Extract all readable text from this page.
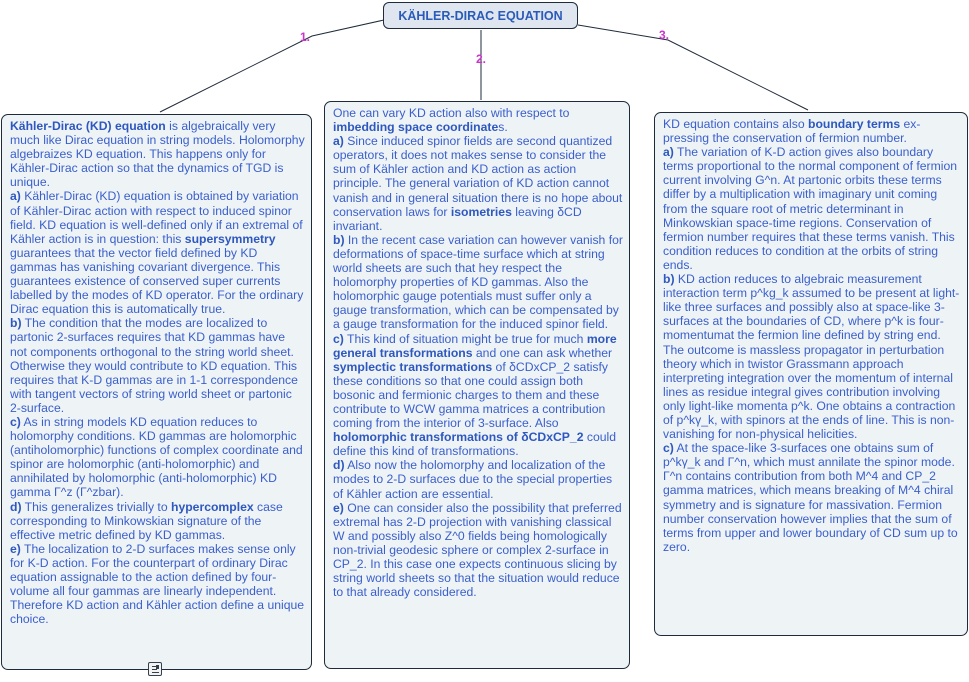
KÄHLER-DIRAC EQUATION
1.
2.
3.

Kähler-Dirac (KD) equation is algebraically very much like Dirac equation in string models. Holomorphy algebraizes KD equation. This happens only for Kähler-Dirac action so that the dynamics of TGD is unique.

a) Kähler-Dirac (KD) equation is obtained by variation of Kähler-Dirac action with respect to induced spinor field. KD equation is well-defined only if an extremal of Kähler action is in question: this supersymmetry guarantees that the vector field defined by KD gammas has vanishing covariant divergence. This guarantees existence of conserved super currents labelled by the modes of KD operator. For the ordinary Dirac equation this is automatically true.

b) The condition that the modes are localized to partonic 2-surfaces requires that KD gammas have not components orthogonal to the string world sheet. Otherwise they would contribute to KD equation. This requires that K-D gammas are in 1-1 correspondence with tangent vectors of string world sheet or partonic 2-surface.

c) As in string models KD equation reduces to holomorphy conditions. KD gammas are holomorphic (antiholomorphic) functions of complex coordinate and spinor are holomorphic (anti-holomorphic) and annihilated by holomorphic (anti-holomorphic) KD gamma Γ^z (Γ^zbar).

d) This generalizes trivially to hypercomplex case corresponding to Minkowskian signature of the effective metric defined by KD gammas.

e) The localization to 2-D surfaces makes sense only for K-D action. For the counterpart of ordinary Dirac equation assignable to the action defined by four-volume all four gammas are linearly independent. Therefore KD action and Kähler action define a unique choice.

One can vary KD action also with respect to imbedding space coordinates.

a) Since induced spinor fields are second quantized operators, it does not makes sense to consider the sum of Kähler action and KD action as action principle. The general variation of KD action cannot vanish and in general situation there is no hope about conservation laws for isometries leaving δCD invariant.

b) In the recent case variation can however vanish for deformations of space-time surface which at string world sheets are such that hey respect the holomorphy properties of KD gammas. Also the holomorphic gauge potentials must suffer only a gauge transformation, which can be compensated by a gauge transformation for the induced spinor field.

c) This kind of situation might be true for much more general transformations and one can ask whether symplectic transformations of δCDxCP_2 satisfy these conditions so that one could assign both bosonic and fermionic charges to them and these contribute to WCW gamma matrices a contribution coming from the interior of 3-surface. Also holomorphic transformations of δCDxCP_2 could define this kind of transformations.

d) Also now the holomorphy and localization of the modes to 2-D surfaces due to the special properties of Kähler action are essential.

e) One can consider also the possibility that preferred extremal has 2-D projection with vanishing classical W and possibly also Z^0 fields being homologically non-trivial geodesic sphere or complex 2-surface in CP_2. In this case one expects continuous slicing by string world sheets so that the situation would reduce to that already considered.

KD equation contains also boundary terms ex-pressing the conservation of fermion number.

a) The variation of K-D action gives also boundary terms proportional to the normal component of fermion current involving G^n. At partonic orbits these terms differ by a multiplication with imaginary unit coming from the square root of metric determinant in Minkowskian space-time regions. Conservation of fermion number requires that these terms vanish. This condition reduces to condition at the orbits of string ends.

b) KD action reduces to algebraic measurement interaction term p^kg_k assumed to be present at light-like three surfaces and possibly also at space-like 3-surfaces at the boundaries of CD, where p^k is four-momentumat the fermion line defined by string end. The outcome is massless propagator in perturbation theory which in twistor Grassmann approach interpreting integration over the momentum of internal lines as residue integral gives contribution involving only light-like momenta p^k. One obtains a contraction of p^kγ_k, with spinors at the ends of line. This is non-vanishing for non-physical helicities.

c) At the space-like 3-surfaces one obtains sum of p^kγ_k and Γ^n, which must annilate the spinor mode. Γ^n contains contribution from both M^4 and CP_2 gamma matrices, which means breaking of M^4 chiral symmetry and is signature for massivation. Fermion number conservation however implies that the sum of terms from upper and lower boundary of CD sum up to zero.
